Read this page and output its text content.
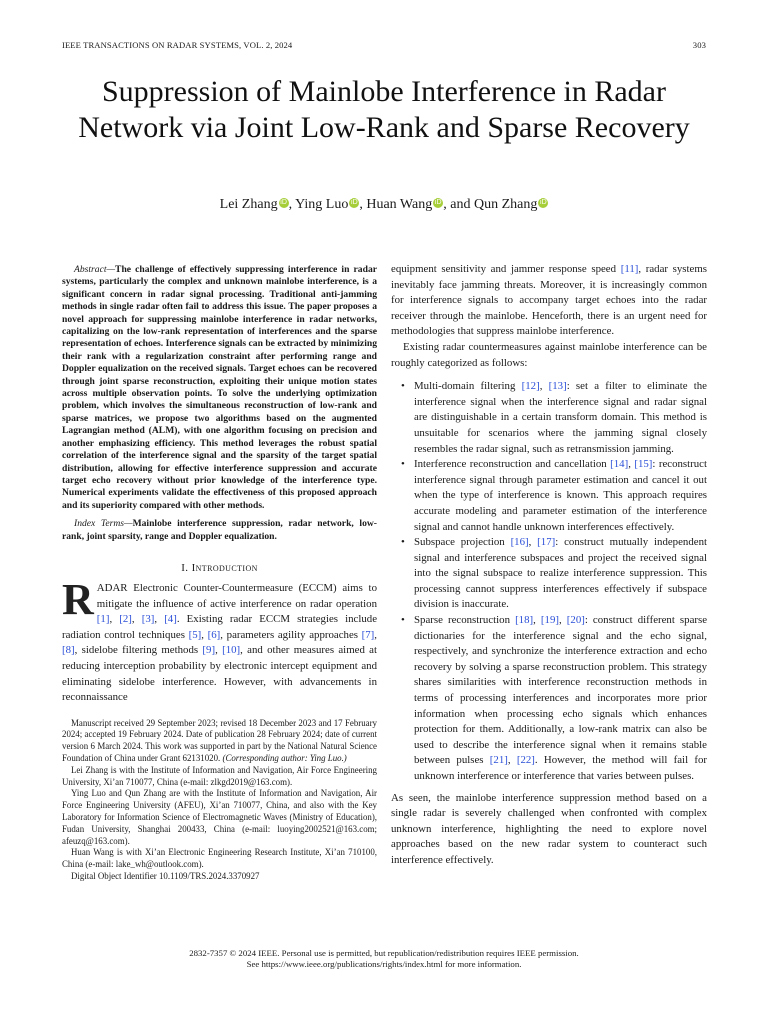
IEEE TRANSACTIONS ON RADAR SYSTEMS, VOL. 2, 2024	303
Suppression of Mainlobe Interference in Radar Network via Joint Low-Rank and Sparse Recovery
Lei Zhang iD , Ying Luo iD , Huan Wang iD , and Qun Zhang iD

Abstract—The challenge of effectively suppressing interference in radar systems, particularly the complex and unknown mainlobe interference, is a significant concern in radar signal processing. Traditional anti-jamming methods in single radar often fail to address this issue. The paper proposes a novel approach for suppressing mainlobe interference in radar networks, capitalizing on the low-rank representation of interferences and the sparse representation of echoes. Interference signals can be extracted by minimizing their rank with a regularization constraint after performing range and Doppler equalization on the received signals. Target echoes can be recovered through joint sparse reconstruction, exploiting their unique motion states across multiple observation points. To solve the underlying optimization problem, which involves the simultaneous reconstruction of low-rank and sparse matrices, we propose two algorithms based on the augmented Lagrangian method (ALM), with one algorithm focusing on precision and another emphasizing efficiency. This method leverages the robust spatial correlation of the interference signal and the sparsity of the target spatial distribution, allowing for effective interference suppression and accurate target echo recovery without prior knowledge of the interference type. Numerical experiments validate the effectiveness of this proposed approach and its superiority compared with other methods.

Index Terms—Mainlobe interference suppression, radar network, low-rank, joint sparsity, range and Doppler equalization.

I. Introduction

RADAR Electronic Counter-Countermeasure (ECCM) aims to mitigate the influence of active interference on radar operation [1], [2], [3], [4]. Existing radar ECCM strategies include radiation control techniques [5], [6], parameters agility approaches [7], [8], sidelobe filtering methods [9], [10], and other measures aimed at reducing interception probability by electronic intercept equipment and eliminating sidelobe interference. However, with advancements in reconnaissance

Manuscript received 29 September 2023; revised 18 December 2023 and 17 February 2024; accepted 19 February 2024. Date of publication 28 February 2024; date of current version 6 March 2024. This work was supported in part by the National Natural Science Foundation of China under Grant 62131020. (Corresponding author: Ying Luo.)

Lei Zhang is with the Institute of Information and Navigation, Air Force Engineering University, Xi’an 710077, China (e-mail: zlkgd2019@163.com).

Ying Luo and Qun Zhang are with the Institute of Information and Navigation, Air Force Engineering University (AFEU), Xi’an 710077, China, and also with the Key Laboratory for Information Science of Electromagnetic Waves (Ministry of Education), Fudan University, Shanghai 200433, China (e-mail: luoying2002521@163.com; afeuzq@163.com).

Huan Wang is with Xi’an Electronic Engineering Research Institute, Xi’an 710100, China (e-mail: lake_wh@outlook.com).

Digital Object Identifier 10.1109/TRS.2024.3370927

equipment sensitivity and jammer response speed [11], radar systems inevitably face jamming threats. Moreover, it is increasingly common for interference signals to accompany target echoes into the radar receiver through the mainlobe. Henceforth, there is an urgent need for methodologies that suppress mainlobe interference.

Existing radar countermeasures against mainlobe interference can be roughly categorized as follows:

• Multi-domain filtering [12], [13]: set a filter to eliminate the interference signal when the interference signal and radar signal are distinguishable in a certain transform domain. This method is unsuitable for scenarios where the jamming signal closely resembles the radar signal, such as retransmission jamming.
• Interference reconstruction and cancellation [14], [15]: reconstruct interference signal through parameter estimation and cancel it out when the type of interference is known. This approach requires accurate modeling and parameter estimation of the interference signal and cannot handle unknown interferences effectively.
• Subspace projection [16], [17]: construct mutually independent signal and interference subspaces and project the received signal into the signal subspace to realize interference suppression. This processing cannot suppress interferences effectively if subspace division is inaccurate.
• Sparse reconstruction [18], [19], [20]: construct different sparse dictionaries for the interference signal and the echo signal, respectively, and synchronize the interference extraction and echo recovery by solving a sparse reconstruction problem. This strategy shares similarities with interference reconstruction methods in terms of processing interferences and incorporates more prior information when processing echo signals which enhances protection for them. Additionally, a low-rank matrix can also be used to describe the interference signal when it remains stable between pulses [21], [22]. However, the method will fail for unknown interference or interference that varies between pulses.

As seen, the mainlobe interference suppression method based on a single radar is severely challenged when confronted with complex unknown interference, highlighting the need to explore novel approaches based on the new radar system to counteract such interference effectively.

2832-7357 © 2024 IEEE. Personal use is permitted, but republication/redistribution requires IEEE permission.
See https://www.ieee.org/publications/rights/index.html for more information.
